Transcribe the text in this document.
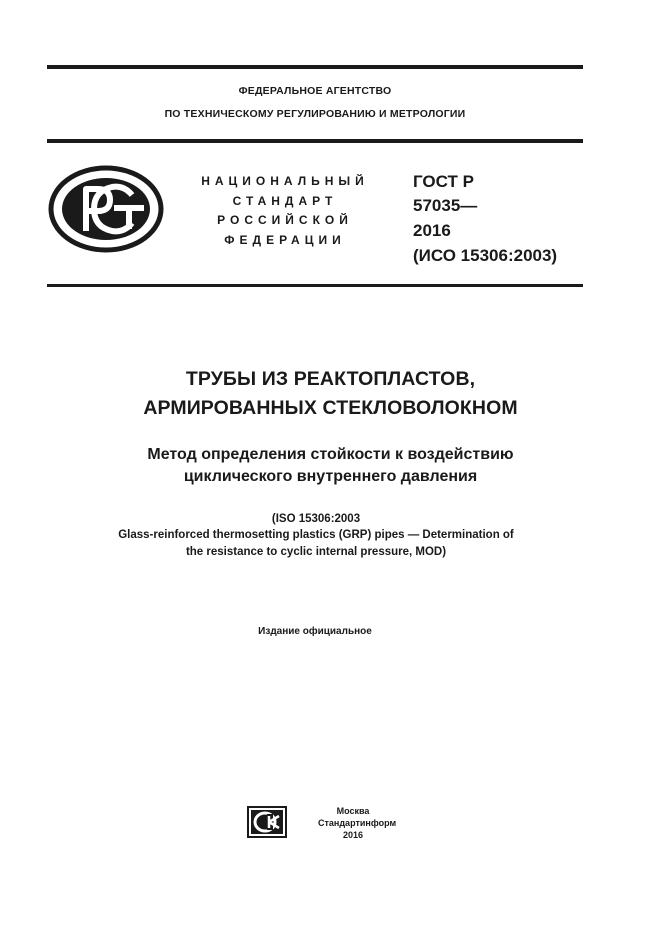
ФЕДЕРАЛЬНОЕ АГЕНТСТВО
ПО ТЕХНИЧЕСКОМУ РЕГУЛИРОВАНИЮ И МЕТРОЛОГИИ
НАЦИОНАЛЬНЫЙ
СТАНДАРТ
РОССИЙСКОЙ
ФЕДЕРАЦИИ
ГОСТ Р
57035—
2016
(ИСО 15306:2003)
ТРУБЫ ИЗ РЕАКТОПЛАСТОВ,
АРМИРОВАННЫХ СТЕКЛОВОЛОКНОМ
Метод определения стойкости к воздействию
циклического внутреннего давления
(ISO 15306:2003
Glass-reinforced thermosetting plastics (GRP) pipes — Determination of
the resistance to cyclic internal pressure, MOD)
Издание официальное
Москва
Стандартинформ
2016
